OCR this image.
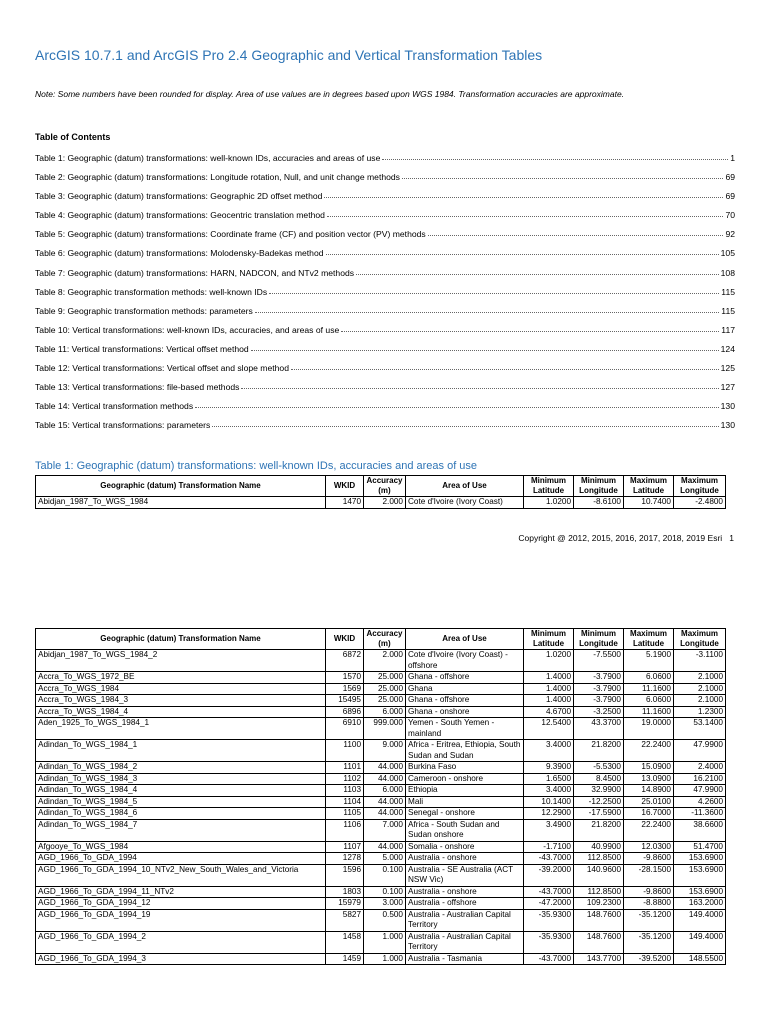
ArcGIS 10.7.1 and ArcGIS Pro 2.4 Geographic and Vertical Transformation Tables
Note: Some numbers have been rounded for display. Area of use values are in degrees based upon WGS 1984. Transformation accuracies are approximate.
Table of Contents
Table 1: Geographic (datum) transformations: well-known IDs, accuracies and areas of use	1
Table 2: Geographic (datum) transformations: Longitude rotation, Null, and unit change methods	69
Table 3: Geographic (datum) transformations: Geographic 2D offset method	69
Table 4: Geographic (datum) transformations: Geocentric translation method	70
Table 5: Geographic (datum) transformations: Coordinate frame (CF) and position vector (PV) methods	92
Table 6: Geographic (datum) transformations: Molodensky-Badekas method	105
Table 7: Geographic (datum) transformations: HARN, NADCON, and NTv2 methods	108
Table 8: Geographic transformation methods: well-known IDs	115
Table 9: Geographic transformation methods: parameters	115
Table 10: Vertical transformations: well-known IDs, accuracies, and areas of use	117
Table 11: Vertical transformations: Vertical offset method	124
Table 12: Vertical transformations: Vertical offset and slope method	125
Table 13: Vertical transformations: file-based methods	127
Table 14: Vertical transformation methods	130
Table 15: Vertical transformations: parameters	130
Table 1: Geographic (datum) transformations: well-known IDs, accuracies and areas of use
Geographic (datum) Transformation Name	WKID	Accuracy (m)	Area of Use	Minimum Latitude	Minimum Longitude	Maximum Latitude	Maximum Longitude
Abidjan_1987_To_WGS_1984	1470	2.000	Cote d'Ivoire (Ivory Coast)	1.0200	-8.6100	10.7400	-2.4800
Copyright @ 2012, 2015, 2016, 2017, 2018, 2019 Esri 1
Geographic (datum) Transformation Name	WKID	Accuracy (m)	Area of Use	Minimum Latitude	Minimum Longitude	Maximum Latitude	Maximum Longitude
Abidjan_1987_To_WGS_1984_2	6872	2.000	Cote d'Ivoire (Ivory Coast) - offshore	1.0200	-7.5500	5.1900	-3.1100
Accra_To_WGS_1972_BE	1570	25.000	Ghana - offshore	1.4000	-3.7900	6.0600	2.1000
Accra_To_WGS_1984	1569	25.000	Ghana	1.4000	-3.7900	11.1600	2.1000
Accra_To_WGS_1984_3	15495	25.000	Ghana - offshore	1.4000	-3.7900	6.0600	2.1000
Accra_To_WGS_1984_4	6896	6.000	Ghana - onshore	4.6700	-3.2500	11.1600	1.2300
Aden_1925_To_WGS_1984_1	6910	999.000	Yemen - South Yemen - mainland	12.5400	43.3700	19.0000	53.1400
Adindan_To_WGS_1984_1	1100	9.000	Africa - Eritrea, Ethiopia, South Sudan and Sudan	3.4000	21.8200	22.2400	47.9900
Adindan_To_WGS_1984_2	1101	44.000	Burkina Faso	9.3900	-5.5300	15.0900	2.4000
Adindan_To_WGS_1984_3	1102	44.000	Cameroon - onshore	1.6500	8.4500	13.0900	16.2100
Adindan_To_WGS_1984_4	1103	6.000	Ethiopia	3.4000	32.9900	14.8900	47.9900
Adindan_To_WGS_1984_5	1104	44.000	Mali	10.1400	-12.2500	25.0100	4.2600
Adindan_To_WGS_1984_6	1105	44.000	Senegal - onshore	12.2900	-17.5900	16.7000	-11.3600
Adindan_To_WGS_1984_7	1106	7.000	Africa - South Sudan and Sudan onshore	3.4900	21.8200	22.2400	38.6600
Afgooye_To_WGS_1984	1107	44.000	Somalia - onshore	-1.7100	40.9900	12.0300	51.4700
AGD_1966_To_GDA_1994	1278	5.000	Australia - onshore	-43.7000	112.8500	-9.8600	153.6900
AGD_1966_To_GDA_1994_10_NTv2_New_South_Wales_and_Victoria	1596	0.100	Australia - SE Australia (ACT NSW Vic)	-39.2000	140.9600	-28.1500	153.6900
AGD_1966_To_GDA_1994_11_NTv2	1803	0.100	Australia - onshore	-43.7000	112.8500	-9.8600	153.6900
AGD_1966_To_GDA_1994_12	15979	3.000	Australia - offshore	-47.2000	109.2300	-8.8800	163.2000
AGD_1966_To_GDA_1994_19	5827	0.500	Australia - Australian Capital Territory	-35.9300	148.7600	-35.1200	149.4000
AGD_1966_To_GDA_1994_2	1458	1.000	Australia - Australian Capital Territory	-35.9300	148.7600	-35.1200	149.4000
AGD_1966_To_GDA_1994_3	1459	1.000	Australia - Tasmania	-43.7000	143.7700	-39.5200	148.5500
